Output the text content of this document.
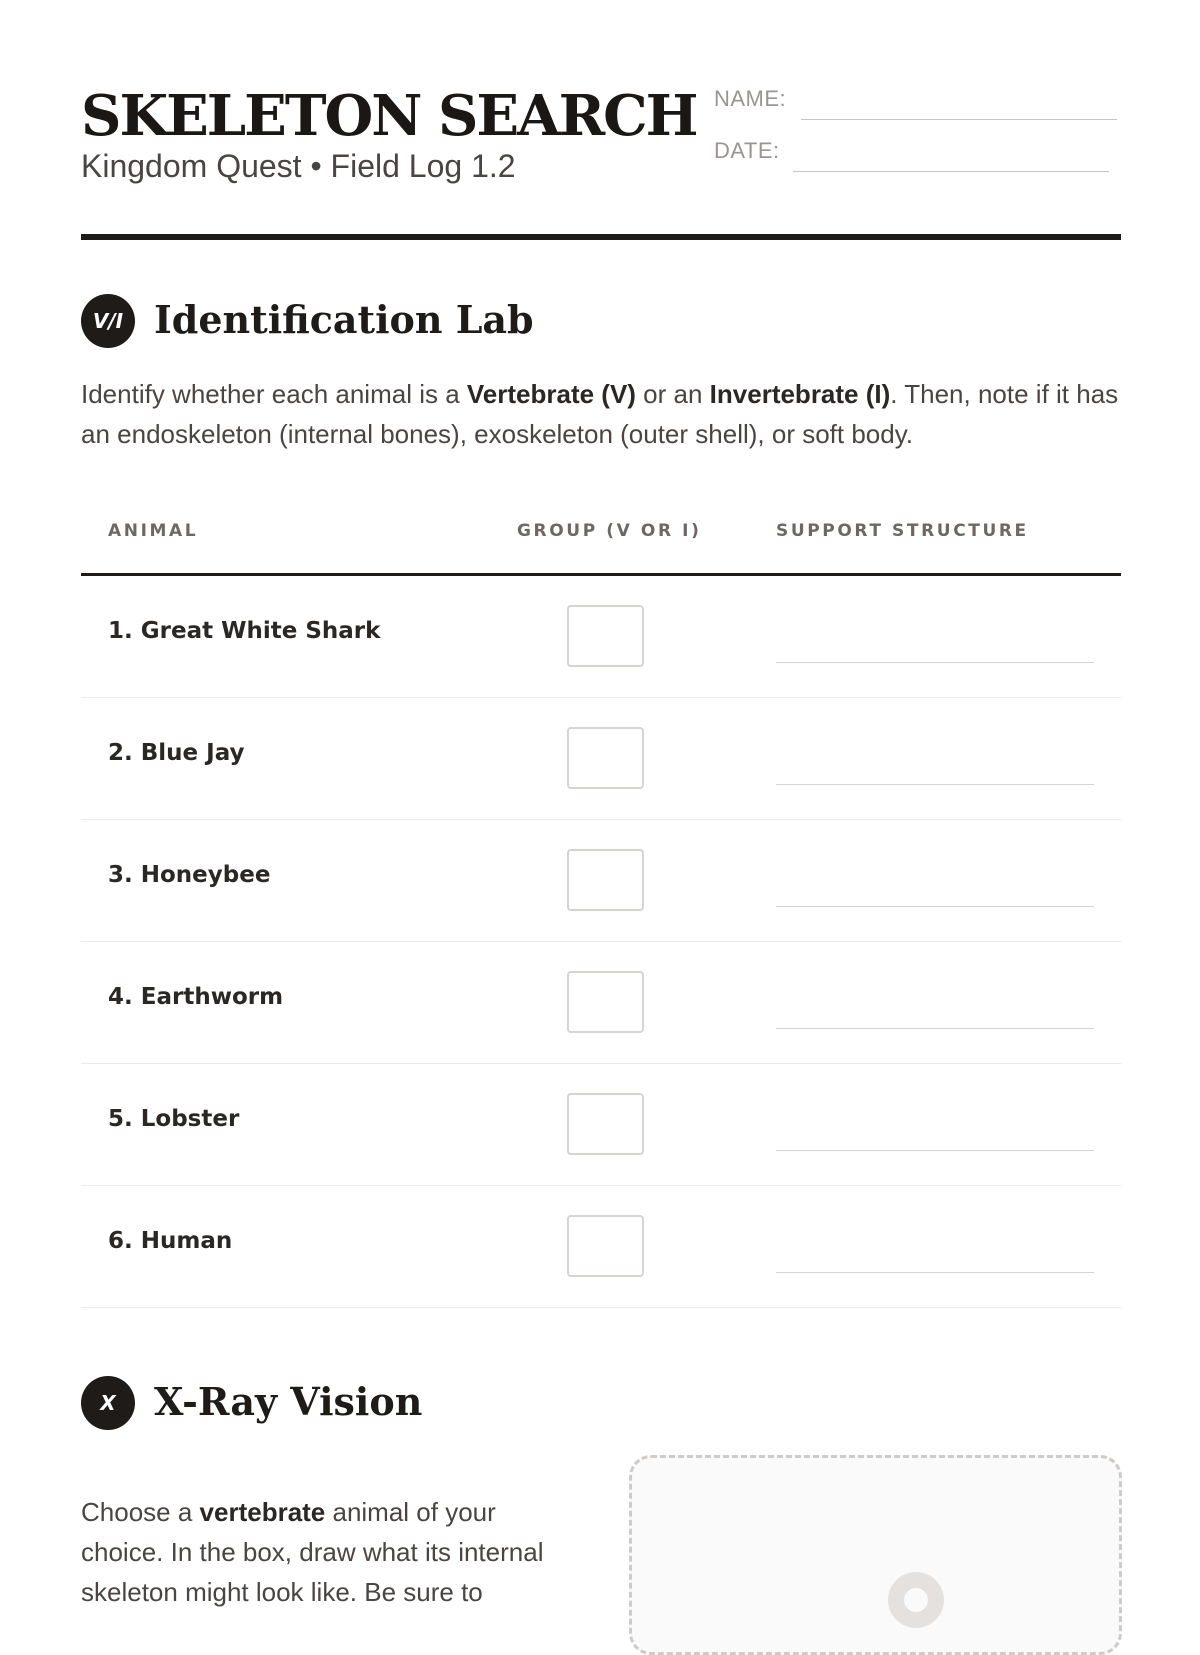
SKELETON SEARCH
Kingdom Quest • Field Log 1.2
NAME:
DATE:
V/I Identification Lab

Identify whether each animal is a Vertebrate (V) or an Invertebrate (I). Then, note if it has an endoskeleton (internal bones), exoskeleton (outer shell), or soft body.

ANIMAL	GROUP (V OR I)	SUPPORT STRUCTURE
1. Great White Shark
2. Blue Jay
3. Honeybee
4. Earthworm
5. Lobster
6. Human
X	X-Ray Vision

Choose a vertebrate animal of your choice. In the box, draw what its internal skeleton might look like. Be sure to
